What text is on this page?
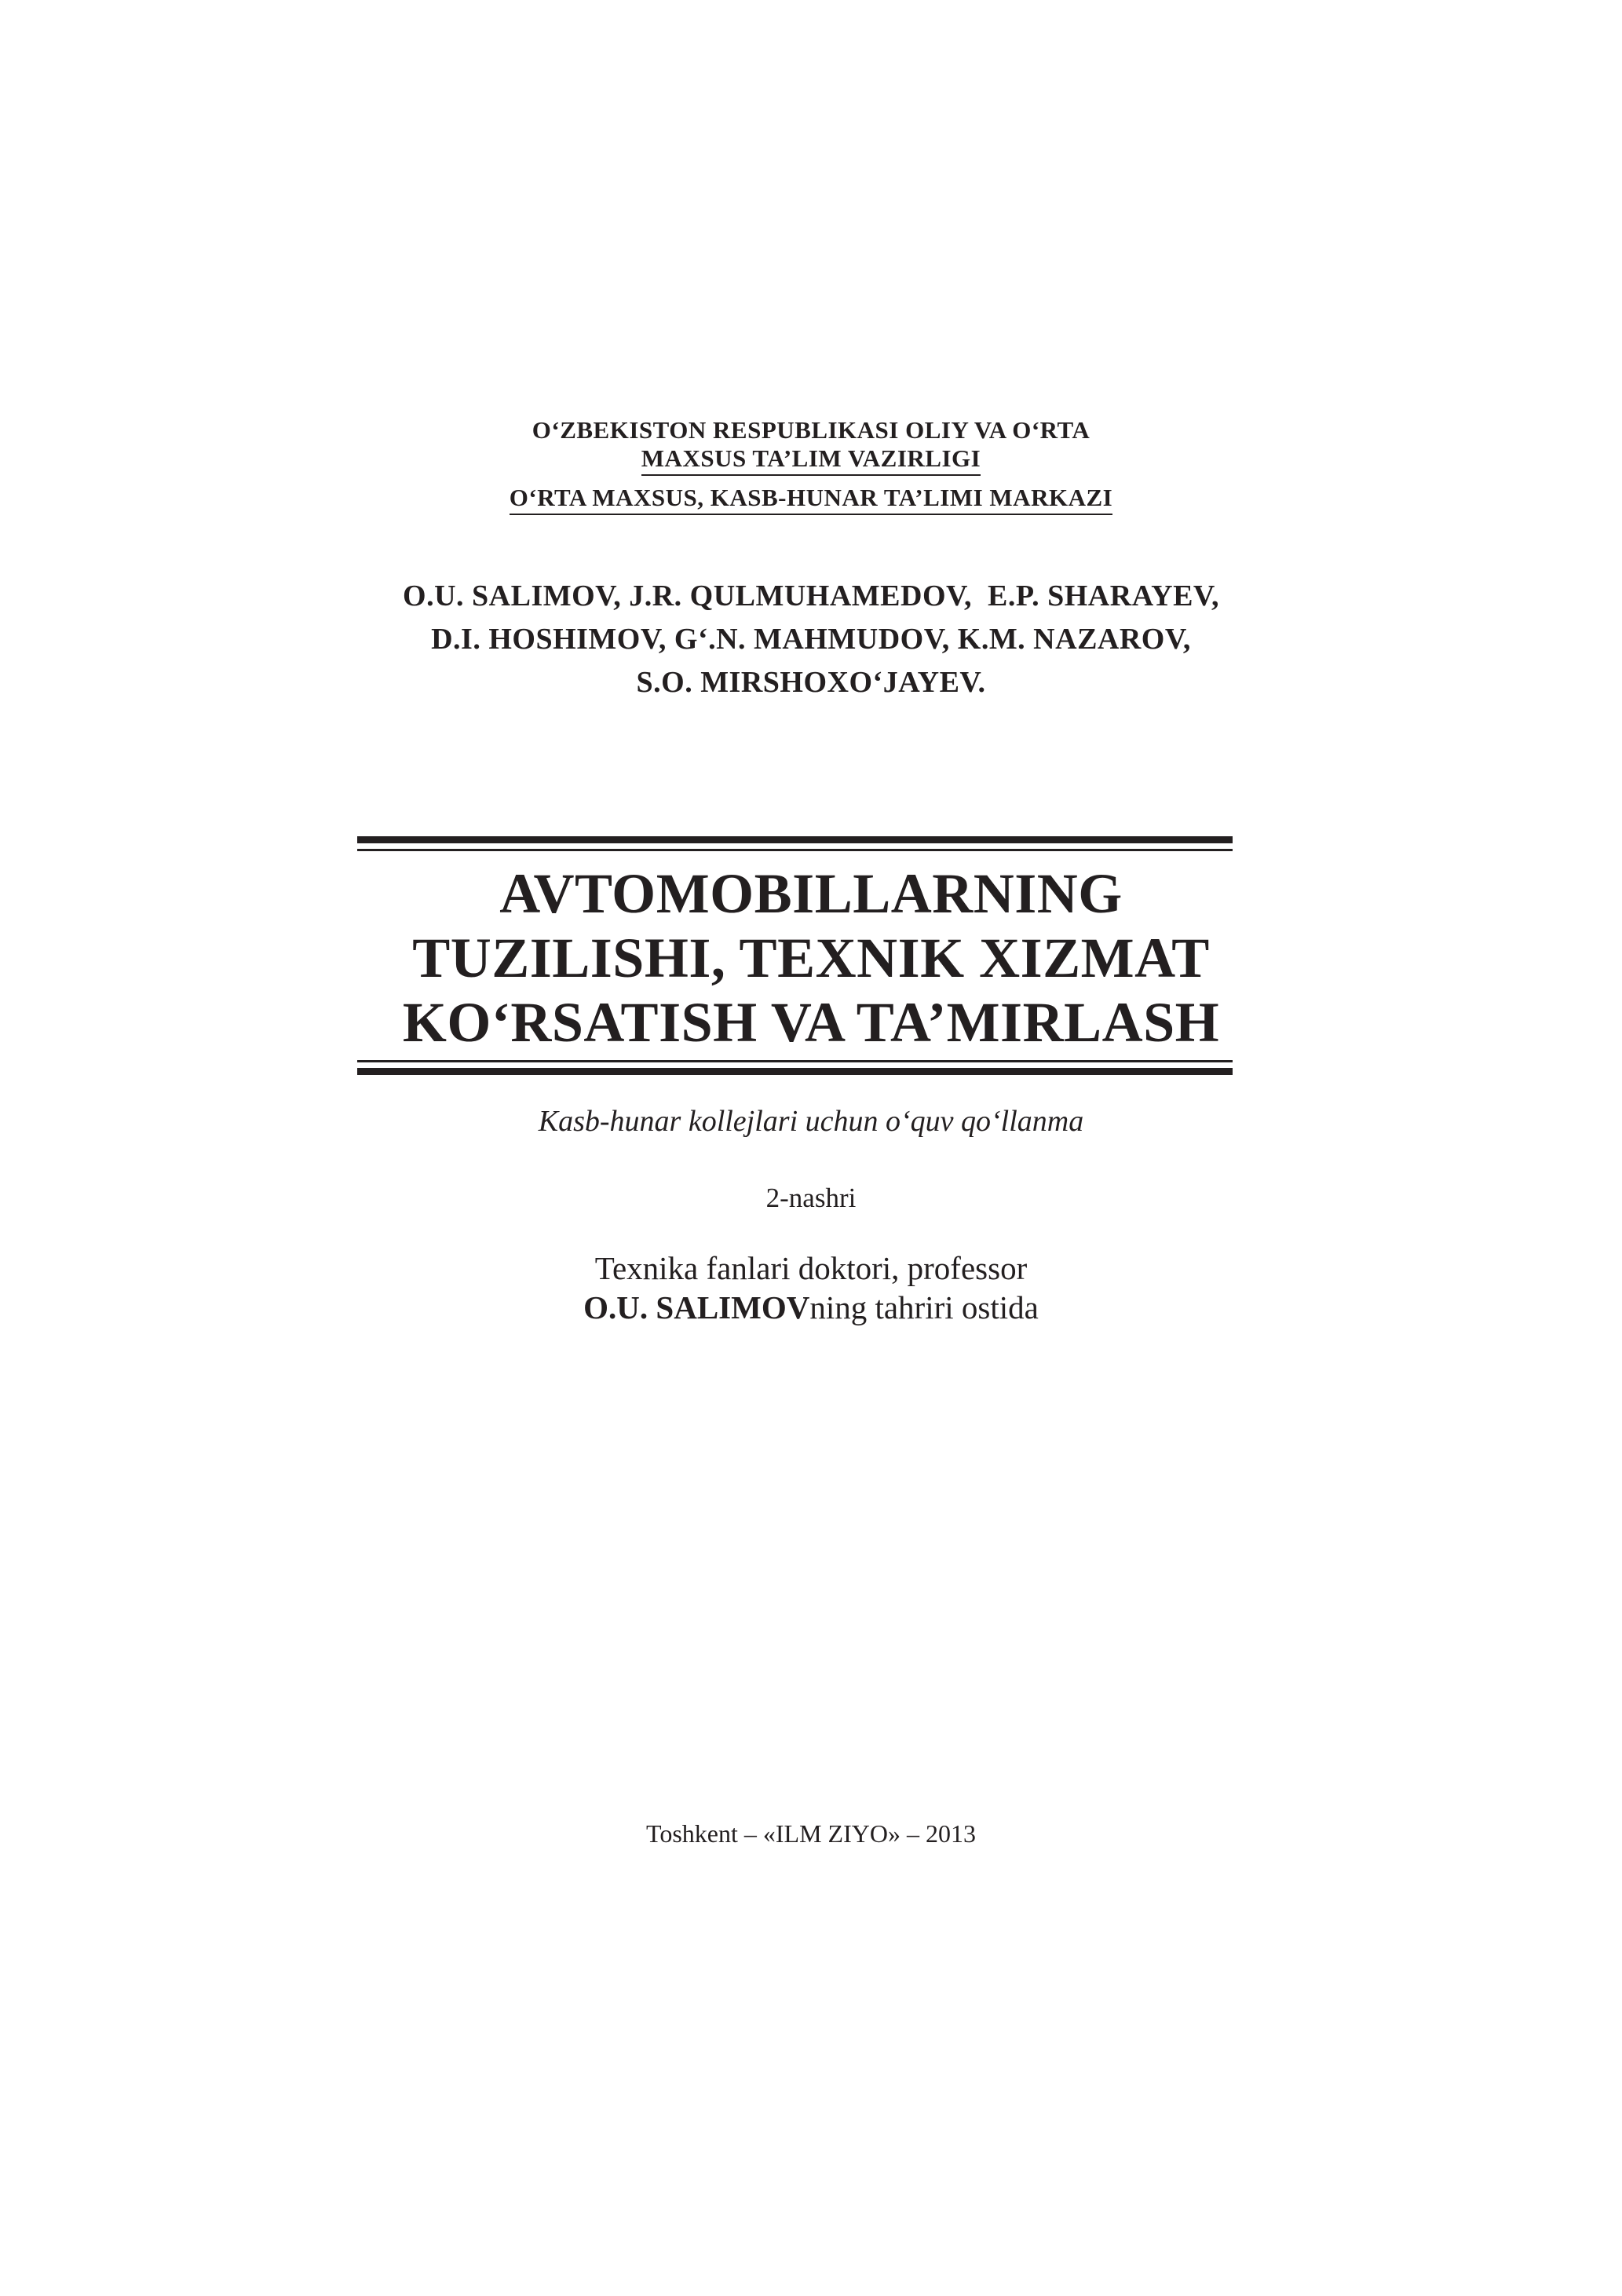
O‘ZBEKISTON RESPUBLIKASI OLIY VA O‘RTA
MAXSUS TA’LIM VAZIRLIGI
O‘RTA MAXSUS, KASB-HUNAR TA’LIMI MARKAZI
O.U. SALIMOV, J.R. QULMUHAMEDOV,  E.P. SHARAYEV,
D.I. HOSHIMOV, G‘.N. MAHMUDOV, K.M. NAZAROV,
S.O. MIRSHOXO‘JAYEV.
AVTOMOBILLARNING
TUZILISHI, TEXNIK XIZMAT
KO‘RSATISH VA TA’MIRLASH
Kasb-hunar kollejlari uchun o‘quv qo‘llanma
2-nashri
Texnika fanlari doktori, professor
O.U. SALIMOVning tahriri ostida
Toshkent – «ILM ZIYO» – 2013
